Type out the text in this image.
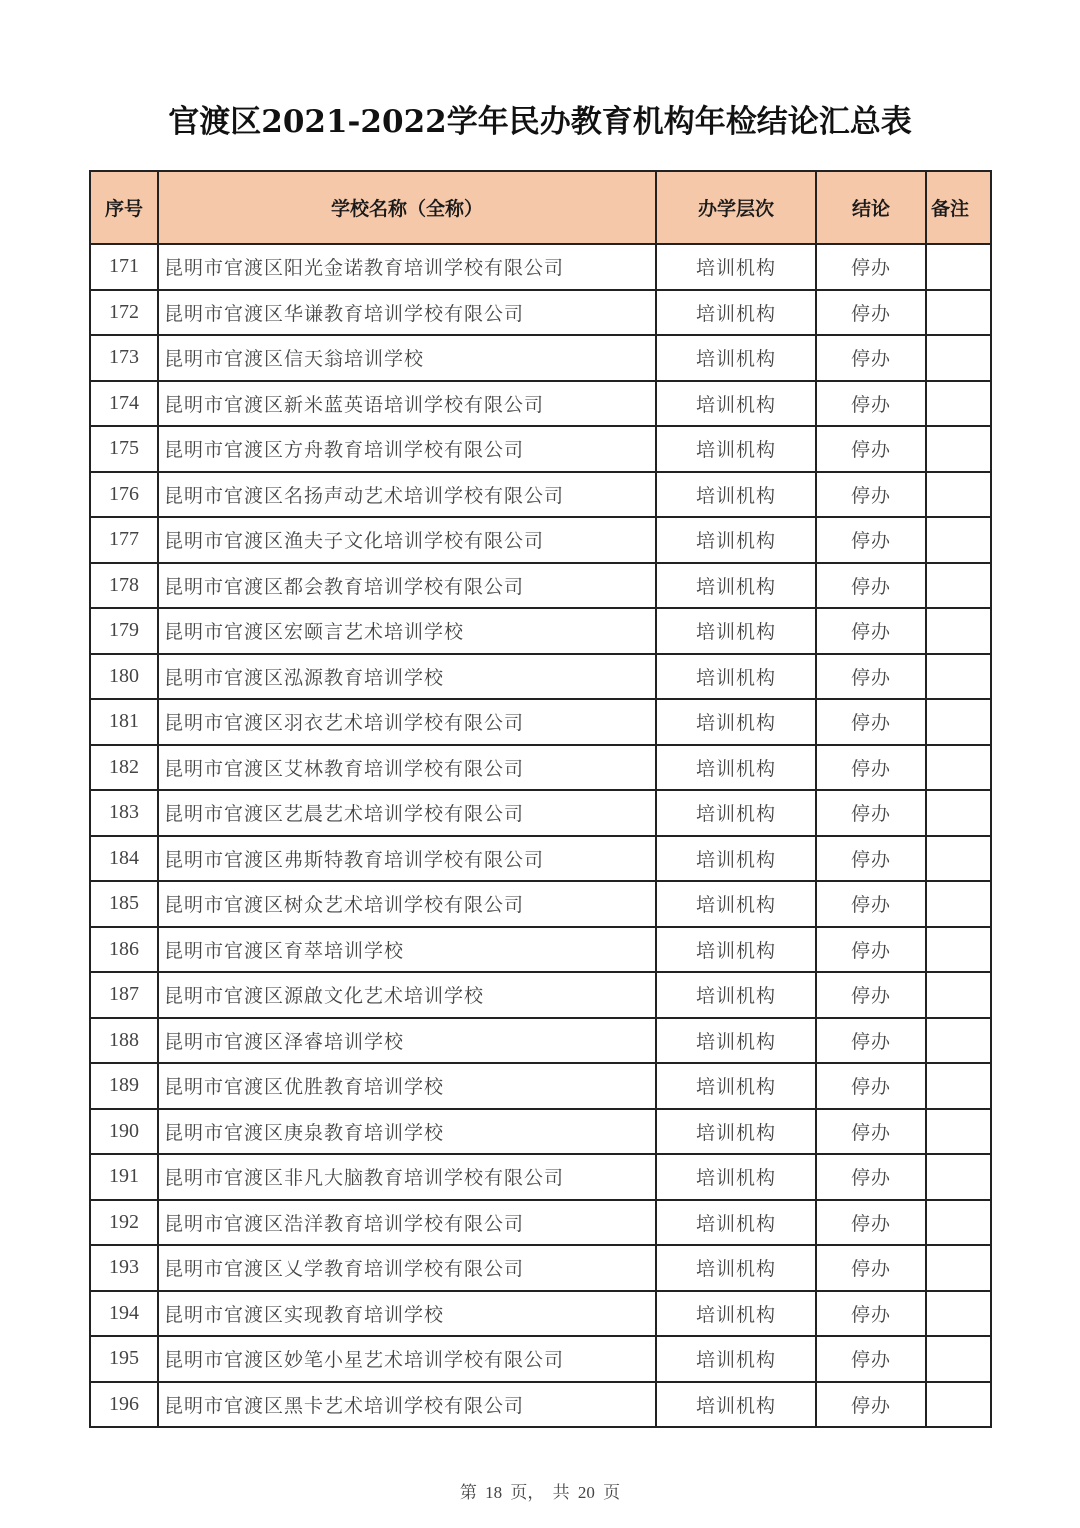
官渡区2021-2022学年民办教育机构年检结论汇总表
序号	学校名称（全称）	办学层次	结论	备注
171	昆明市官渡区阳光金诺教育培训学校有限公司	培训机构	停办	
172	昆明市官渡区华谦教育培训学校有限公司	培训机构	停办	
173	昆明市官渡区信天翁培训学校	培训机构	停办	
174	昆明市官渡区新米蓝英语培训学校有限公司	培训机构	停办	
175	昆明市官渡区方舟教育培训学校有限公司	培训机构	停办	
176	昆明市官渡区名扬声动艺术培训学校有限公司	培训机构	停办	
177	昆明市官渡区渔夫子文化培训学校有限公司	培训机构	停办	
178	昆明市官渡区都会教育培训学校有限公司	培训机构	停办	
179	昆明市官渡区宏颐言艺术培训学校	培训机构	停办	
180	昆明市官渡区泓源教育培训学校	培训机构	停办	
181	昆明市官渡区羽衣艺术培训学校有限公司	培训机构	停办	
182	昆明市官渡区艾林教育培训学校有限公司	培训机构	停办	
183	昆明市官渡区艺晨艺术培训学校有限公司	培训机构	停办	
184	昆明市官渡区弗斯特教育培训学校有限公司	培训机构	停办	
185	昆明市官渡区树众艺术培训学校有限公司	培训机构	停办	
186	昆明市官渡区育萃培训学校	培训机构	停办	
187	昆明市官渡区源啟文化艺术培训学校	培训机构	停办	
188	昆明市官渡区泽睿培训学校	培训机构	停办	
189	昆明市官渡区优胜教育培训学校	培训机构	停办	
190	昆明市官渡区庚泉教育培训学校	培训机构	停办	
191	昆明市官渡区非凡大脑教育培训学校有限公司	培训机构	停办	
192	昆明市官渡区浩洋教育培训学校有限公司	培训机构	停办	
193	昆明市官渡区乂学教育培训学校有限公司	培训机构	停办	
194	昆明市官渡区实现教育培训学校	培训机构	停办	
195	昆明市官渡区妙笔小星艺术培训学校有限公司	培训机构	停办	
196	昆明市官渡区黑卡艺术培训学校有限公司	培训机构	停办	
第 18 页， 共 20 页
